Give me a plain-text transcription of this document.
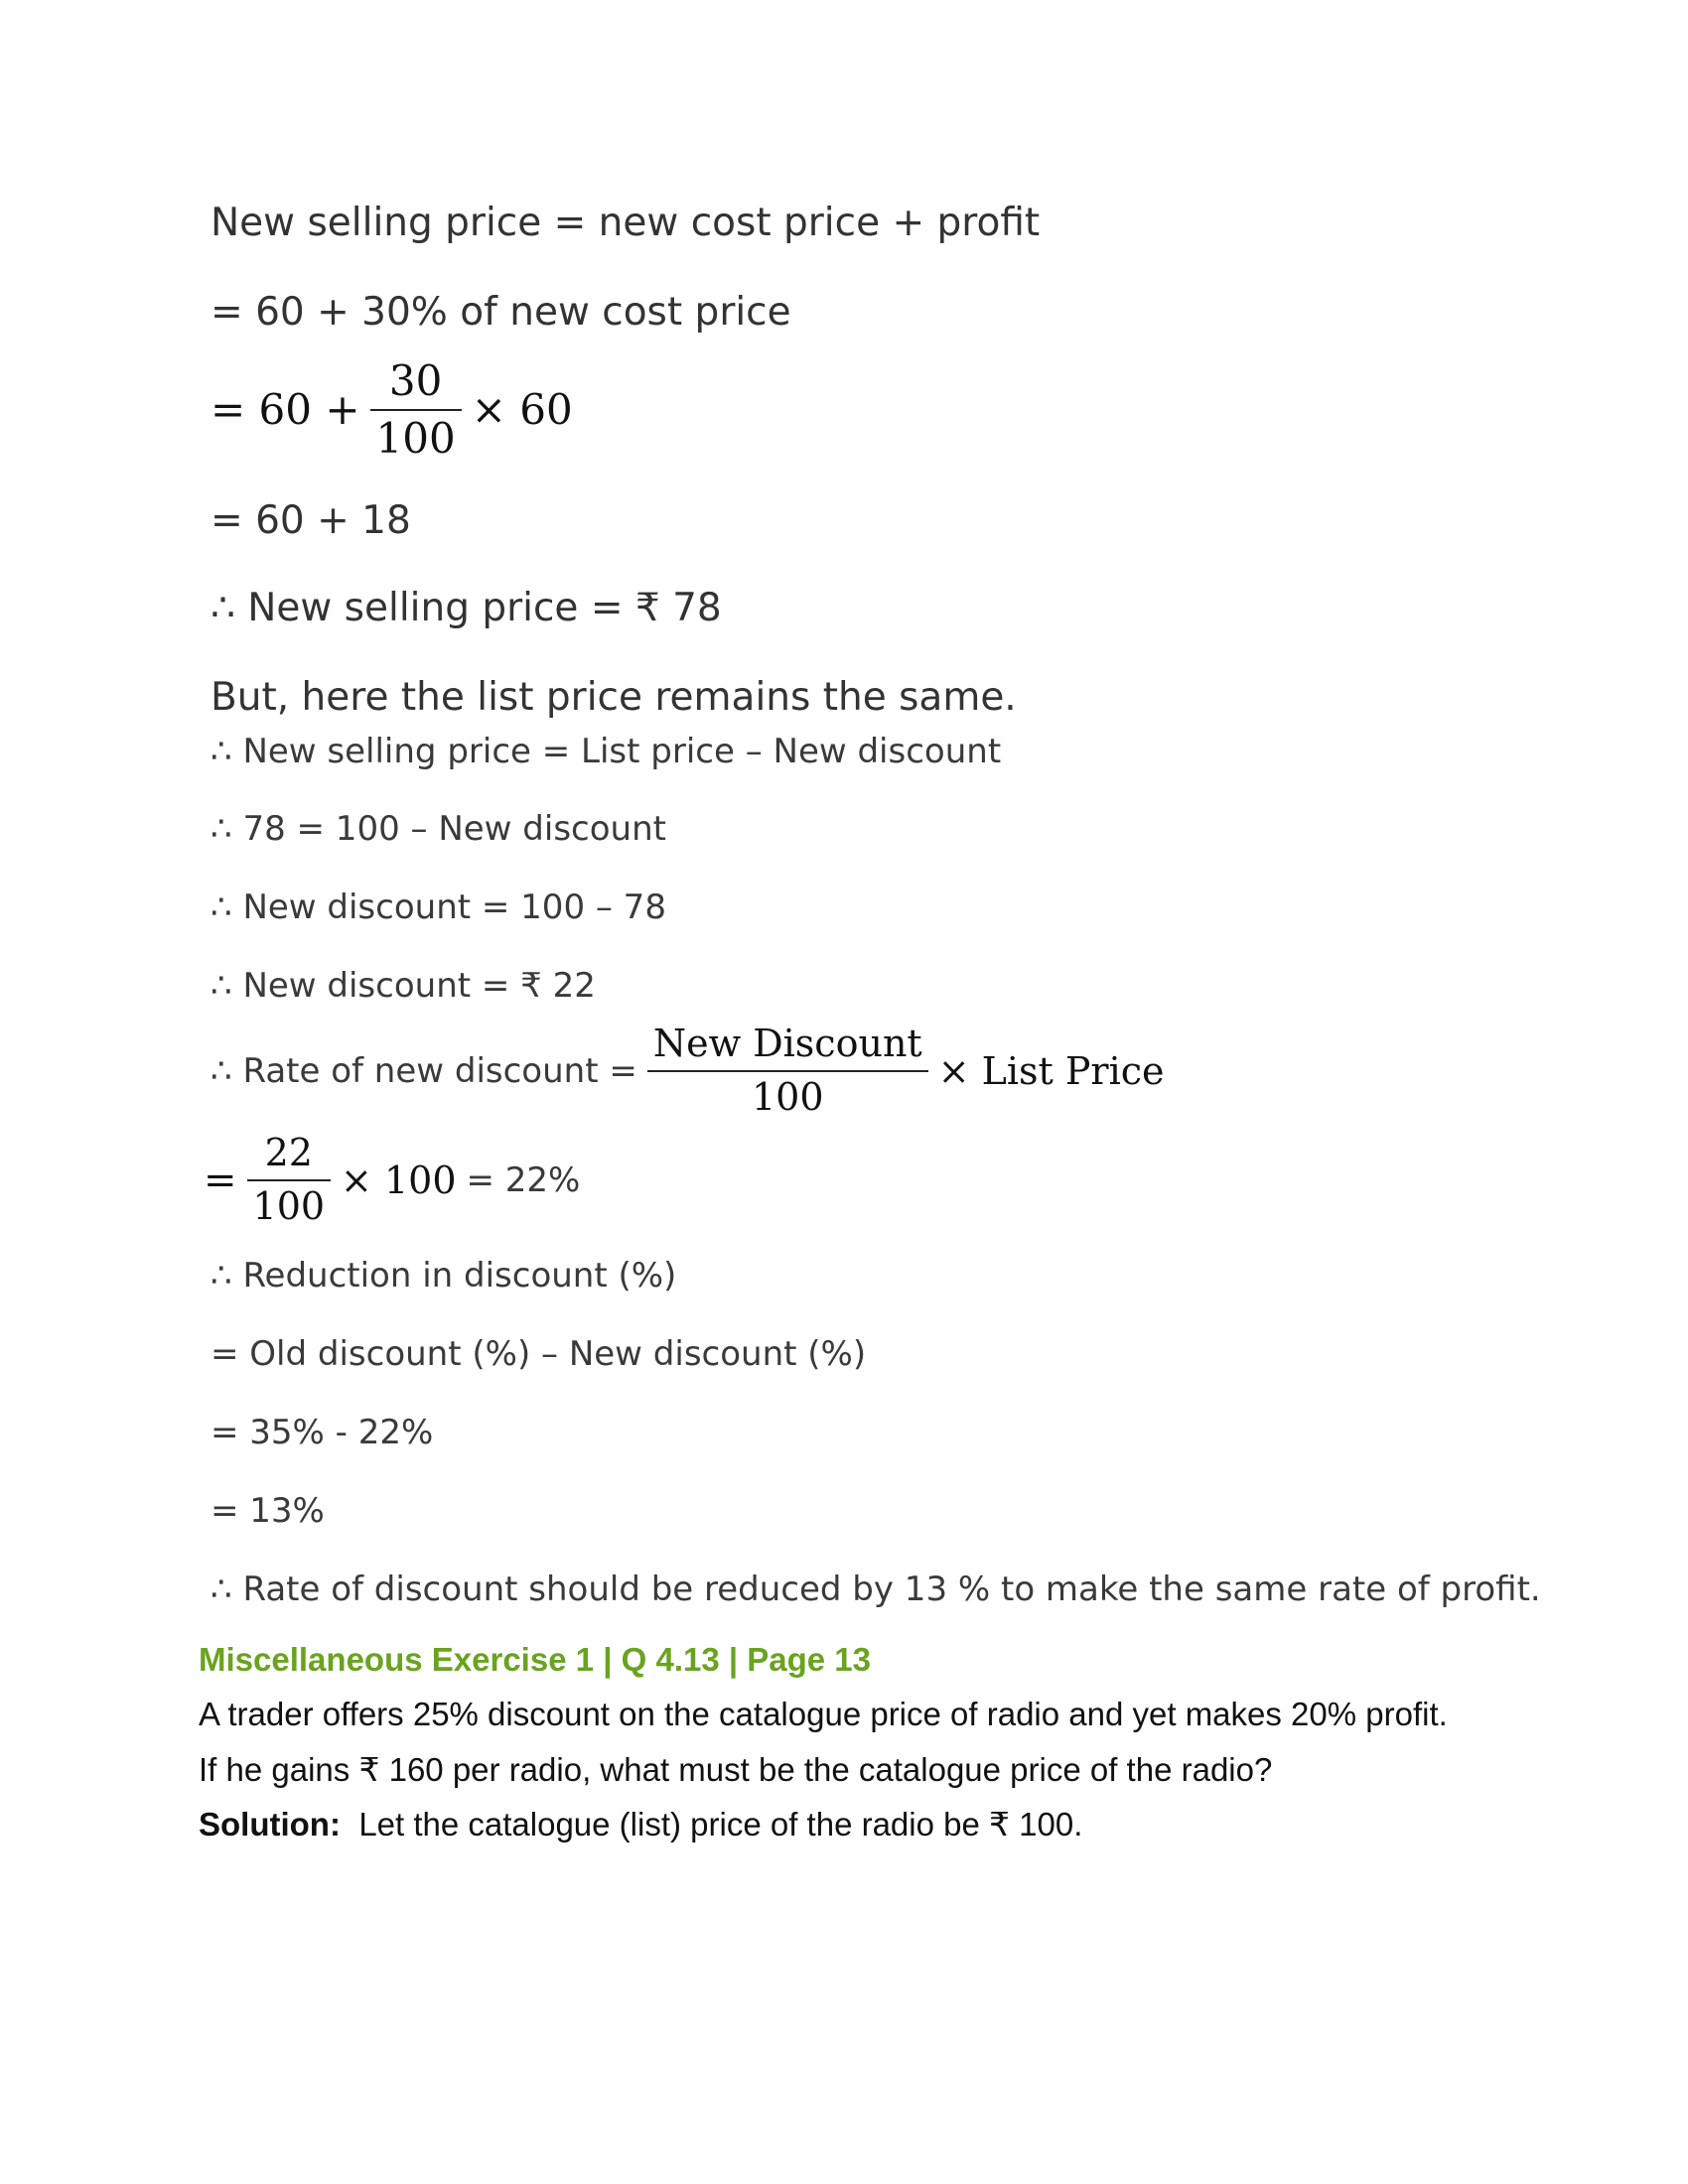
New selling price = new cost price + profit
= 60 + 30% of new cost price
= $60 + \frac{30}{100} \times 60$
= 60 + 18
∴ New selling price = ₹ 78
But, here the list price remains the same.
∴ New selling price = List price – New discount
∴ 78 = 100 – New discount
∴ New discount = 100 – 78
∴ New discount = ₹ 22
∴ Rate of new discount = $\frac{\text{New Discount}}{100}$ × List Price
= $\frac{22}{100} \times 100 = 22\%$
∴ Reduction in discount (%)
= Old discount (%) – New discount (%)
= 35% - 22%
= 13%
∴ Rate of discount should be reduced by 13 % to make the same rate of profit.
Miscellaneous Exercise 1 | Q 4.13 | Page 13
A trader offers 25% discount on the catalogue price of radio and yet makes 20% profit.
If he gains ₹ 160 per radio, what must be the catalogue price of the radio?
Solution: Let the catalogue (list) price of the radio be ₹ 100.
